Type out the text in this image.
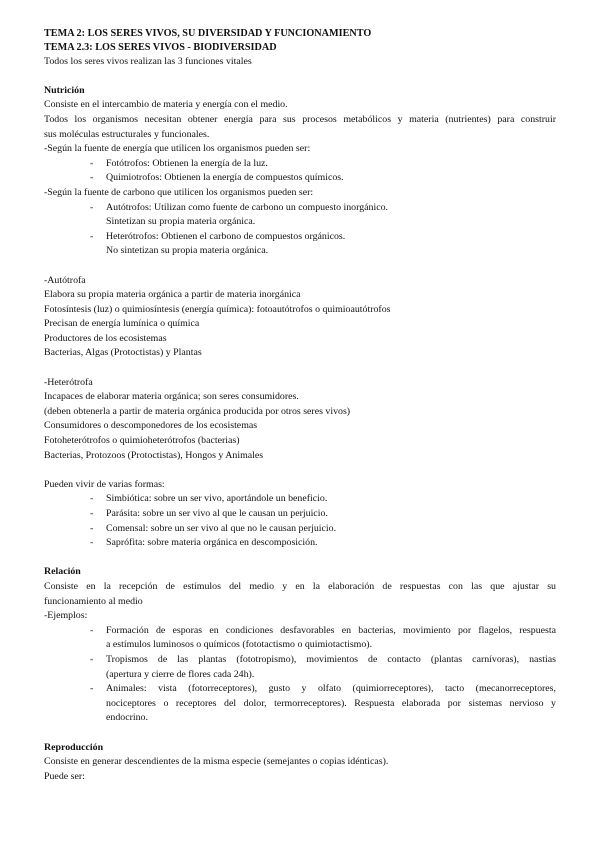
TEMA 2: LOS SERES VIVOS, SU DIVERSIDAD Y FUNCIONAMIENTO
TEMA 2.3: LOS SERES VIVOS - BIODIVERSIDAD
Todos los seres vivos realizan las 3 funciones vitales
Nutrición
Consiste en el intercambio de materia y energía con el medio.
Todos los organismos necesitan obtener energía para sus procesos metabólicos y materia (nutrientes) para construir
sus moléculas estructurales y funcionales.
-Según la fuente de energía que utilicen los organismos pueden ser:
- Fotótrofos: Obtienen la energía de la luz.
- Quimiotrofos: Obtienen la energía de compuestos químicos.
-Según la fuente de carbono que utilicen los organismos pueden ser:
- Autótrofos: Utilizan como fuente de carbono un compuesto inorgánico.
Sintetizan su propia materia orgánica.
- Heterótrofos: Obtienen el carbono de compuestos orgánicos.
No sintetizan su propia materia orgánica.
-Autótrofa
Elabora su propia materia orgánica a partir de materia inorgánica
Fotosíntesis (luz) o quimiosíntesis (energía química): fotoautótrofos o quimioautótrofos
Precisan de energía lumínica o química
Productores de los ecosistemas
Bacterias, Algas (Protoctistas) y Plantas
-Heterótrofa
Incapaces de elaborar materia orgánica; son seres consumidores.
(deben obtenerla a partir de materia orgánica producida por otros seres vivos)
Consumidores o descomponedores de los ecosistemas
Fotoheterótrofos o quimioheterótrofos (bacterias)
Bacterias, Protozoos (Protoctistas), Hongos y Animales
Pueden vivir de varias formas:
- Simbiótica: sobre un ser vivo, aportándole un beneficio.
- Parásita: sobre un ser vivo al que le causan un perjuicio.
- Comensal: sobre un ser vivo al que no le causan perjuicio.
- Saprófita: sobre materia orgánica en descomposición.
Relación
Consiste en la recepción de estímulos del medio y en la elaboración de respuestas con las que ajustar su
funcionamiento al medio
-Ejemplos:
- Formación de esporas en condiciones desfavorables en bacterias, movimiento por flagelos, respuesta
a estímulos luminosos o químicos (fototactismo o quimiotactismo).
- Tropismos de las plantas (fototropismo), movimientos de contacto (plantas carnívoras), nastias
(apertura y cierre de flores cada 24h).
- Animales: vista (fotorreceptores), gusto y olfato (quimiorreceptores), tacto (mecanorreceptores,
nociceptores o receptores del dolor, termorreceptores). Respuesta elaborada por sistemas nervioso y
endocrino.
Reproducción
Consiste en generar descendientes de la misma especie (semejantes o copias idénticas).
Puede ser:
